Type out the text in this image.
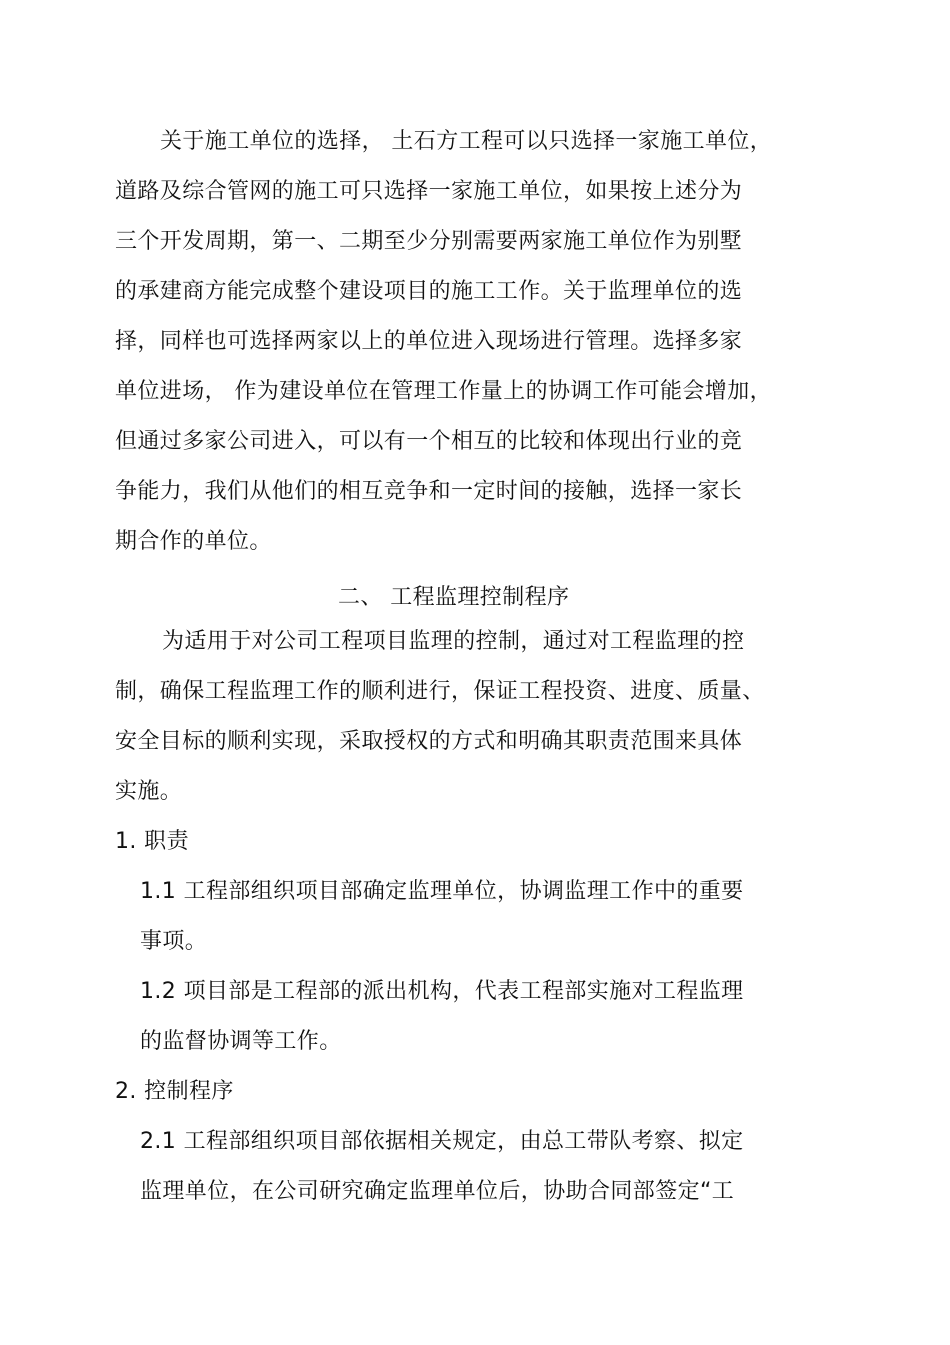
关于施工单位的选择， 土石方工程可以只选择一家施工单位，
道路及综合管网的施工可只选择一家施工单位，如果按上述分为
三个开发周期，第一、二期至少分别需要两家施工单位作为别墅
的承建商方能完成整个建设项目的施工工作。关于监理单位的选
择，同样也可选择两家以上的单位进入现场进行管理。选择多家
单位进场， 作为建设单位在管理工作量上的协调工作可能会增加，
但通过多家公司进入，可以有一个相互的比较和体现出行业的竞
争能力，我们从他们的相互竞争和一定时间的接触，选择一家长
期合作的单位。
二、 工程监理控制程序
为适用于对公司工程项目监理的控制，通过对工程监理的控
制，确保工程监理工作的顺利进行，保证工程投资、进度、质量、
安全目标的顺利实现，采取授权的方式和明确其职责范围来具体
实施。
1. 职责
1.1 工程部组织项目部确定监理单位，协调监理工作中的重要
事项。
1.2 项目部是工程部的派出机构，代表工程部实施对工程监理
的监督协调等工作。
2. 控制程序
2.1 工程部组织项目部依据相关规定，由总工带队考察、拟定
监理单位，在公司研究确定监理单位后，协助合同部签定“工
